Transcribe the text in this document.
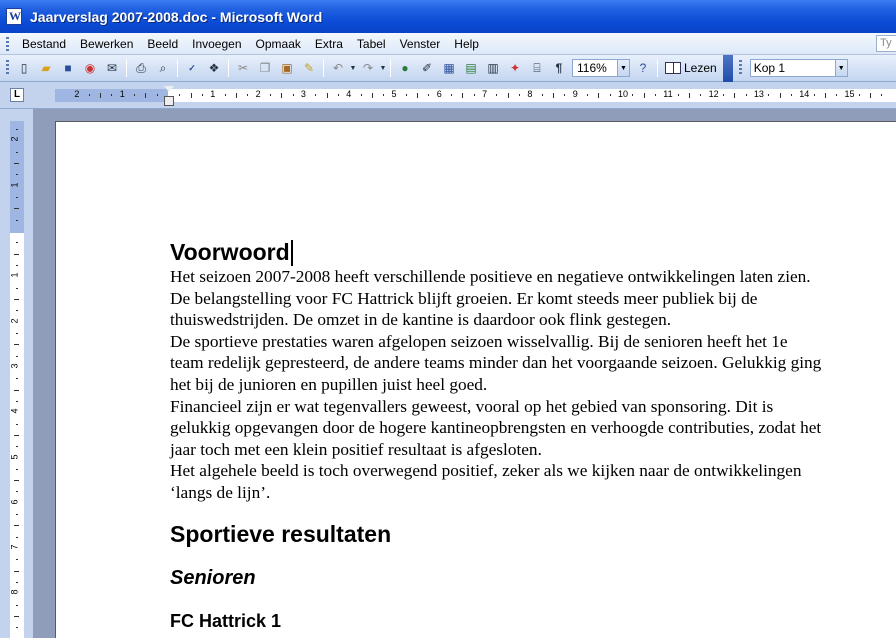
W
Jaarverslag 2007-2008.doc - Microsoft Word
Bestand	Bewerken	Beeld	Invoegen	Opmaak	Extra	Tabel	Venster	Help	Ty
▯ ▰ ■ ◉ ✉ ⎙ ⌕ ✓ ❖ ✂ ❐ ▣ ✎ ↶ ▼ ↷ ▼ ● ✐ ▦ ▤ ▥ ✦ ⌸ ¶	116%	▼ ?	Lezen	Kop 1	▼
L	2	1	1	2	3	4	5	6	7	8	9	10	11	12	13	14	15
2
1
1
2
3
4
5
6
7
8
Voorwoord

Het seizoen 2007-2008 heeft verschillende positieve en negatieve ontwikkelingen laten zien.

De belangstelling voor FC Hattrick blijft groeien. Er komt steeds meer publiek bij de

thuiswedstrijden. De omzet in de kantine is daardoor ook flink gestegen.

De sportieve prestaties waren afgelopen seizoen wisselvallig. Bij de senioren heeft het 1e

team redelijk gepresteerd, de andere teams minder dan het voorgaande seizoen. Gelukkig ging

het bij de junioren en pupillen juist heel goed.

Financieel zijn er wat tegenvallers geweest, vooral op het gebied van sponsoring. Dit is

gelukkig opgevangen door de hogere kantineopbrengsten en verhoogde contributies, zodat het

jaar toch met een klein positief resultaat is afgesloten.

Het algehele beeld is toch overwegend positief, zeker als we kijken naar de ontwikkelingen

‘langs de lijn’.

Sportieve resultaten
Senioren
FC Hattrick 1
